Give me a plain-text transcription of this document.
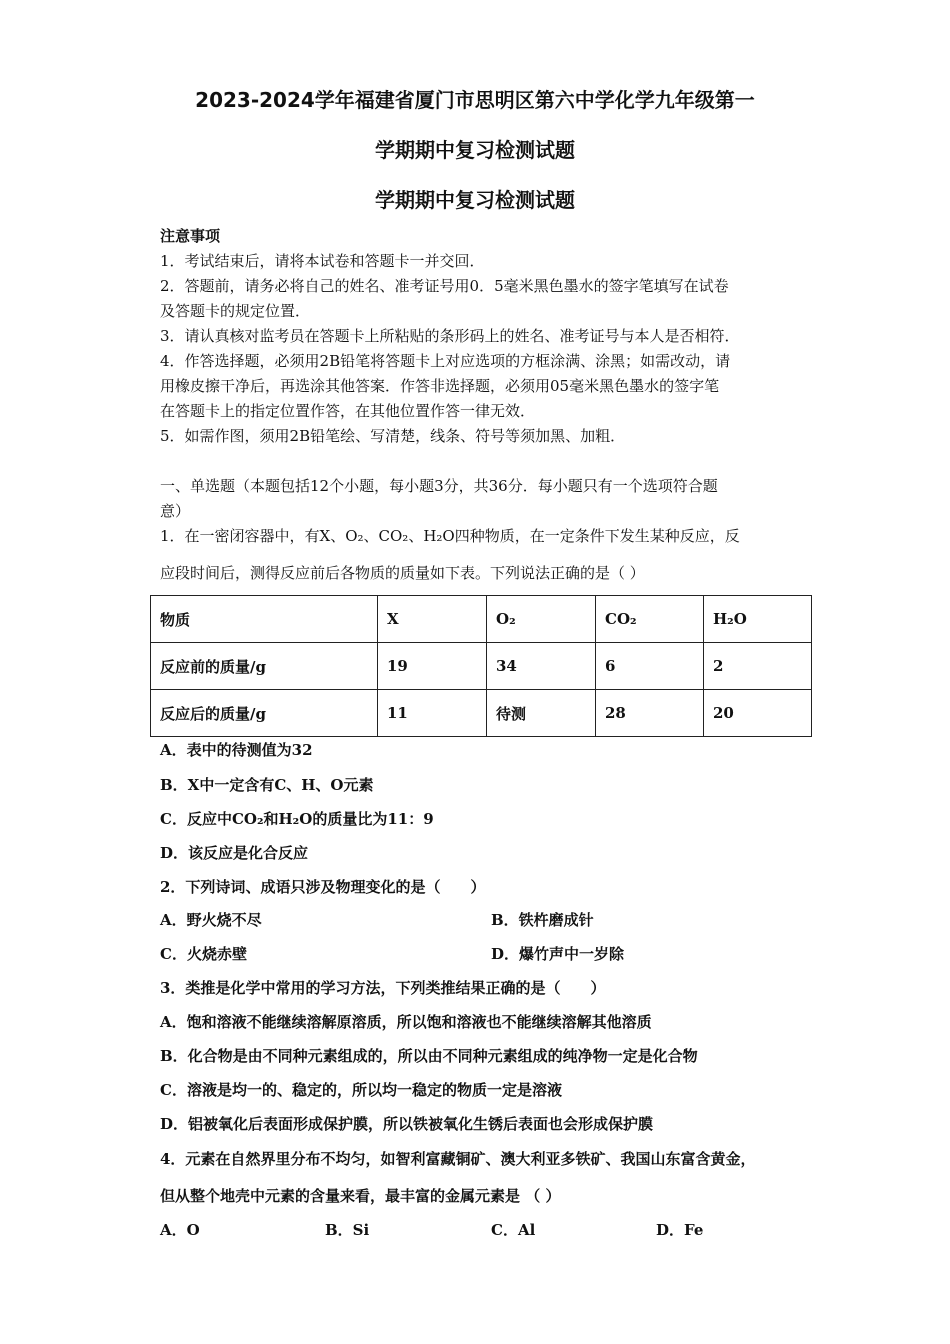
2023-2024学年福建省厦门市思明区第六中学化学九年级第一
学期期中复习检测试题
学期期中复习检测试题
注意事项
1．考试结束后，请将本试卷和答题卡一并交回．
2．答题前，请务必将自己的姓名、准考证号用0．5毫米黑色墨水的签字笔填写在试卷
及答题卡的规定位置．
3．请认真核对监考员在答题卡上所粘贴的条形码上的姓名、准考证号与本人是否相符．
4．作答选择题，必须用2B铅笔将答题卡上对应选项的方框涂满、涂黑；如需改动，请
用橡皮擦干净后，再选涂其他答案．作答非选择题，必须用05毫米黑色墨水的签字笔
在答题卡上的指定位置作答，在其他位置作答一律无效．
5．如需作图，须用2B铅笔绘、写清楚，线条、符号等须加黑、加粗．
一、单选题（本题包括12个小题，每小题3分，共36分．每小题只有一个选项符合题
意）
1．在一密闭容器中，有X、O₂、CO₂、H₂O四种物质，在一定条件下发生某种反应，反
应段时间后，测得反应前后各物质的质量如下表。下列说法正确的是（ ）
物质	X	O₂	CO₂	H₂O
反应前的质量/g	19	34	6	2
反应后的质量/g	11	待测	28	20
A．表中的待测值为32
B．X中一定含有C、H、O元素
C．反应中CO₂和H₂O的质量比为11：9
D．该反应是化合反应
2．下列诗词、成语只涉及物理变化的是（　　）
A．野火烧不尽	B．铁杵磨成针
C．火烧赤壁	D．爆竹声中一岁除
3．类推是化学中常用的学习方法，下列类推结果正确的是（　　）
A．饱和溶液不能继续溶解原溶质，所以饱和溶液也不能继续溶解其他溶质
B．化合物是由不同种元素组成的，所以由不同种元素组成的纯净物一定是化合物
C．溶液是均一的、稳定的，所以均一稳定的物质一定是溶液
D．铝被氧化后表面形成保护膜，所以铁被氧化生锈后表面也会形成保护膜
4．元素在自然界里分布不均匀，如智利富藏铜矿、澳大利亚多铁矿、我国山东富含黄金，
但从整个地壳中元素的含量来看，最丰富的金属元素是 （ ）
A．O	B．Si	C．Al	D．Fe
